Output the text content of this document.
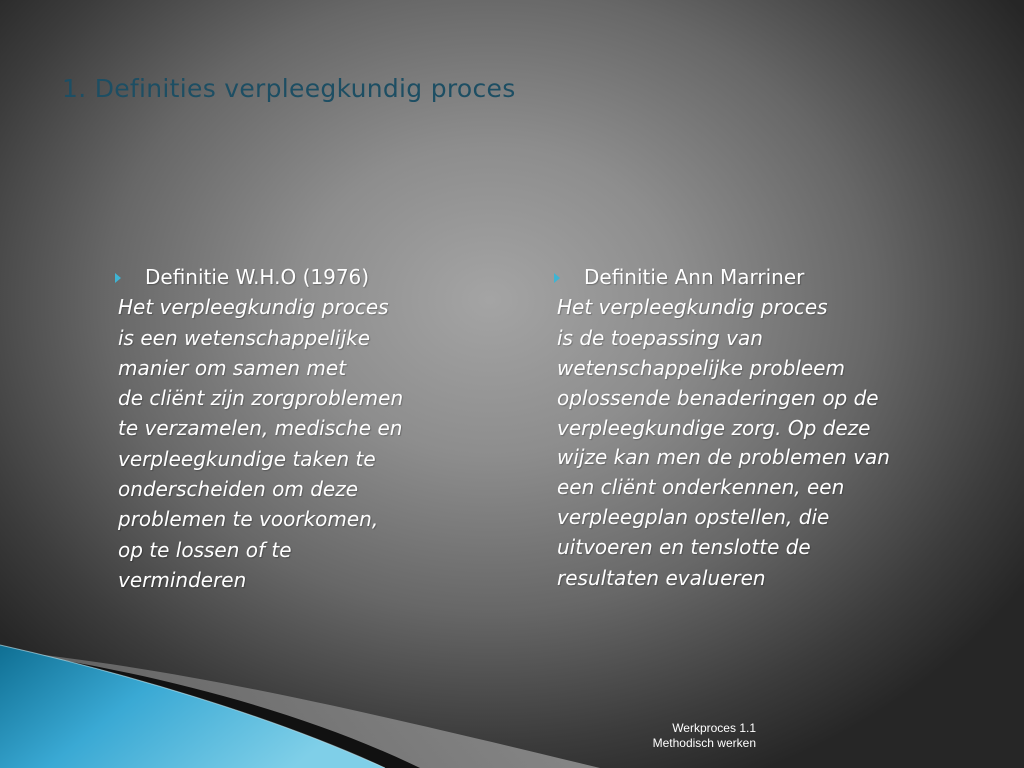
1. Definities verpleegkundig proces
Definitie W.H.O (1976)
Het verpleegkundig proces
is een wetenschappelijke
manier om samen met
de cliënt zijn zorgproblemen
te verzamelen, medische en
verpleegkundige taken te
onderscheiden om deze
problemen te voorkomen,
op te lossen of te
verminderen
Definitie Ann Marriner
Het verpleegkundig proces
is de toepassing van
wetenschappelijke probleem
oplossende benaderingen op de
verpleegkundige zorg. Op deze
wijze kan men de problemen van
een cliënt onderkennen, een
verpleegplan opstellen, die
uitvoeren en tenslotte de
resultaten evalueren
Werkproces 1.1
Methodisch werken
